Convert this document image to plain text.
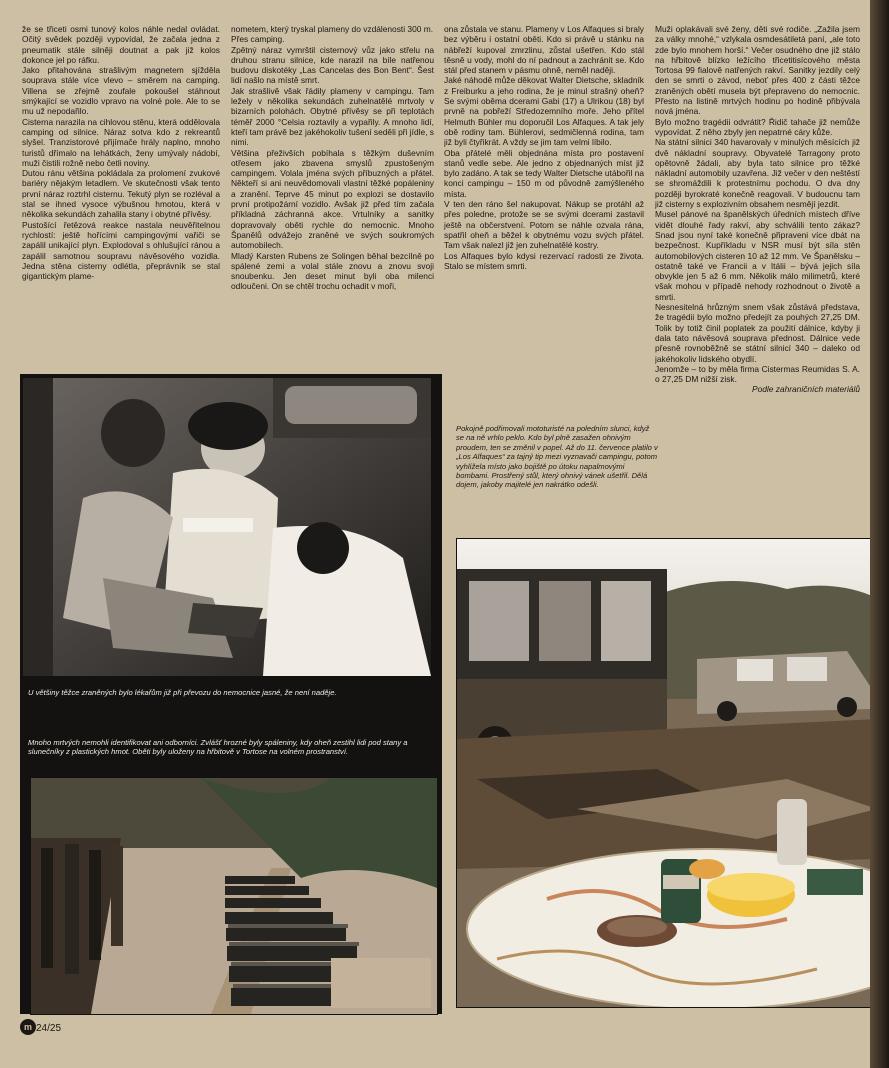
že se třiceti osmi tunový kolos náhle nedal ovládat. Očitý svědek později vypovídal, že začala jedna z pneumatik stále silněji doutnat a pak již kolos dokonce jel po ráfku.

Jako přitahována strašlivým magnetem sjížděla souprava stále více vlevo – směrem na camping. Villena se zřejmě zoufale pokoušel stáhnout smýkající se vozidlo vpravo na volné pole. Ale to se mu už nepodařilo.

Cisterna narazila na cihlovou stěnu, která oddělovala camping od silnice. Náraz sotva kdo z rekreantů slyšel. Tranzistorové přijímače hrály naplno, mnoho turistů dřímalo na lehátkách, ženy umývaly nádobí, muži čistili rožně nebo četli noviny.

Dutou ránu většina pokládala za prolomení zvukové bariéry nějakým letadlem. Ve skutečnosti však tento první náraz roztrhl cisternu. Tekutý plyn se rozléval a stal se ihned vysoce výbušnou hmotou, která v několika sekundách zahalila stany i obytné přívěsy.

Pustošící řetězová reakce nastala neuvěřitelnou rychlostí: ještě hořícími campingovými vařiči se zapálil unikající plyn. Explodoval s ohlušující ránou a zapálil samotnou soupravu návěsového vozidla. Jedna stěna cisterny odlétla, přeprávník se stal gigantickým plame-

nometem, který tryskal plameny do vzdálenosti 300 m.

Přes camping.

Zpětný náraz vymrštil cisternový vůz jako střelu na druhou stranu silnice, kde narazil na bíle natřenou budovu diskotéky „Las Cancelas des Bon Bent“. Šest lidí našlo na místě smrt.

Jak strašlivě však řádily plameny v campingu. Tam ležely v několika sekundách zuhelnatělé mrtvoly v bizarních polohách. Obytné přívěsy se při teplotách téměř 2000 °Celsia roztavily a vypařily. A mnoho lidí, kteří tam právě bez jakéhokoliv tušení seděli při jídle, s nimi.

Většina přeživších pobíhala s těžkým duševním otřesem jako zbavena smyslů zpustošeným campingem. Volala jména svých příbuzných a přátel. Někteří si ani neuvědomovali vlastní těžké popáleniny a zranění. Teprve 45 minut po explozi se dostavilo první protipožární vozidlo. Avšak již před tím začala příkladná záchranná akce. Vrtulníky a sanitky dopravovaly oběti rychle do nemocnic. Mnoho Španělů odvážejo zraněné ve svých soukromých automobilech.

Mladý Karsten Rubens ze Solingen běhal bezcílně po spálené zemi a volal stále znovu a znovu svoji snoubenku. Jen deset minut byli oba milenci odloučeni. On se chtěl trochu ochadit v moři,

ona zůstala ve stanu. Plameny v Los Alfaques si braly bez výběru i ostatní oběti. Kdo si právě u stánku na nábřeží kupoval zmrzlinu, zůstal ušetřen. Kdo stál těsně u vody, mohl do ní padnout a zachránit se. Kdo stál před stanem v pásmu ohně, neměl naději.

Jaké náhodě může děkovat Walter Dietsche, skladník z Freiburku a jeho rodina, že je minul strašný oheň? Se svými oběma dcerami Gabi (17) a Ulrikou (18) byl prvně na pobřeží Středozemního moře. Jeho přítel Helmuth Bühler mu doporučil Los Alfaques. A tak jely obě rodiny tam. Bühlerovi, sedmičlenná rodina, tam již byli čtyřikrát. A vždy se jim tam velmi líbilo.

Oba přátelé měli objednána místa pro postavení stanů vedle sebe. Ale jedno z objednaných míst již bylo zadáno. A tak se tedy Walter Dietsche utábořil na konci campingu – 150 m od původně zamýšleného místa.

V ten den ráno šel nakupovat. Nákup se protáhl až přes poledne, protože se se svými dcerami zastavil ještě na občerstvení. Potom se náhle ozvala rána, spatřil oheň a běžel k obytnému vozu svých přátel. Tam však nalezl již jen zuhelnatělé kostry.

Los Alfaques bylo kdysi rezervací radosti ze života. Stalo se místem smrti.

Muži oplakávali své ženy, děti své rodiče. „Zažila jsem za války mnohé,“ vzlykala osmdesátiletá paní, „ale toto zde bylo mnohem horší.“ Večer osudného dne již stálo na hřbitově blízko ležícího třicetitisícového města Tortosa 99 fialově natřených rakví. Sanitky jezdily celý den se smrti o závod, neboť přes 400 z části těžce zraněných obětí musela být přepraveno do nemocnic. Přesto na listině mrtvých hodinu po hodině přibývala nová jména.

Bylo možno tragédii odvrátit? Řidič tahače již nemůže vypovídat. Z něho zbyly jen nepatrné cáry kůže.

Na státní silnici 340 havarovaly v minulých měsících již dvě nákladní soupravy. Obyvatelé Tarragony proto opětovně žádali, aby byla tato silnice pro těžké nákladní automobily uzavřena. Již večer v den neštěstí se shromáždili k protestnímu pochodu. O dva dny později byrokraté konečně reagovali. V budoucnu tam již cisterny s explozivním obsahem nesmějí jezdit.

Musel pánové na španělských úředních místech dříve vidět dlouhé řady rakví, aby schválili tento zákaz? Snad jsou nyní také konečně připraveni více dbát na bezpečnost. Kupříkladu v NSR musí být síla stěn automobilových cisteren 10 až 12 mm. Ve Španělsku – ostatně také ve Francii a v Itálii – bývá jejich síla obvykle jen 5 až 6 mm. Několik málo milimetrů, které však mohou v případě nehody rozhodnout o životě a smrti.

Nesnesitelná hrůzným snem však zůstává představa, že tragédii bylo možno předejít za pouhých 27,25 DM. Tolik by totiž činil poplatek za použití dálnice, kdyby ji dala tato návěsová souprava přednost. Dálnice vede přesně rovnoběžně se státní silnicí 340 – daleko od jakéhokoliv lidského obydlí.

Jenomže – to by měla firma Cistermas Reumidas S. A. o 27,25 DM nižší zisk.

Podle zahraničních materiálů

U většiny těžce zraněných bylo lékařům již při převozu do nemocnice jasné, že není naděje.
Mnoho mrtvých nemohli identifikovat ani odborníci. Zvlášť hrozné byly spáleniny, kdy oheň zestihl lidi pod stany a slunečníky z plastických hmot. Oběti byly uloženy na hřbitově v Tortose na volném prostranství.
Pokojně podřimovali mototuristé na poledním slunci, když se na ně vrhlo peklo. Kdo byl plně zasažen ohnivým proudem, ten se změnil v popel. Až do 11. července platilo v „Los Alfaques“ za tajný tip mezi vyznavači campingu, potom vyhlížela místo jako bojiště po útoku napalmovými bombami. Prostřený stůl, který ohnivý vánek ušetřil. Dělá dojem, jakoby majitelé jen nakrátko odešli.
m 24/25
